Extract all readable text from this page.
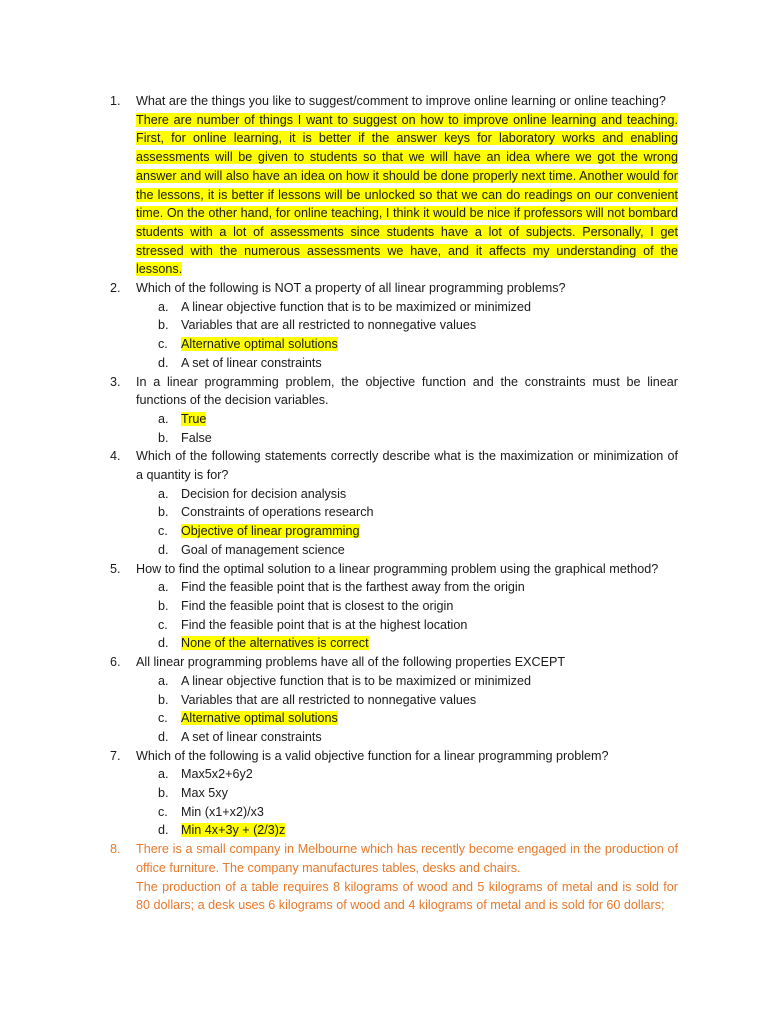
1. What are the things you like to suggest/comment to improve online learning or online teaching?
There are number of things I want to suggest on how to improve online learning and teaching. First, for online learning, it is better if the answer keys for laboratory works and enabling assessments will be given to students so that we will have an idea where we got the wrong answer and will also have an idea on how it should be done properly next time. Another would for the lessons, it is better if lessons will be unlocked so that we can do readings on our convenient time. On the other hand, for online teaching, I think it would be nice if professors will not bombard students with a lot of assessments since students have a lot of subjects. Personally, I get stressed with the numerous assessments we have, and it affects my understanding of the lessons.
2. Which of the following is NOT a property of all linear programming problems?
a. A linear objective function that is to be maximized or minimized
b. Variables that are all restricted to nonnegative values
c. Alternative optimal solutions
d. A set of linear constraints
3. In a linear programming problem, the objective function and the constraints must be linear functions of the decision variables.
a. True
b. False
4. Which of the following statements correctly describe what is the maximization or minimization of a quantity is for?
a. Decision for decision analysis
b. Constraints of operations research
c. Objective of linear programming
d. Goal of management science
5. How to find the optimal solution to a linear programming problem using the graphical method?
a. Find the feasible point that is the farthest away from the origin
b. Find the feasible point that is closest to the origin
c. Find the feasible point that is at the highest location
d. None of the alternatives is correct
6. All linear programming problems have all of the following properties EXCEPT
a. A linear objective function that is to be maximized or minimized
b. Variables that are all restricted to nonnegative values
c. Alternative optimal solutions
d. A set of linear constraints
7. Which of the following is a valid objective function for a linear programming problem?
a. Max5x2+6y2
b. Max 5xy
c. Min (x1+x2)/x3
d. Min 4x+3y + (2/3)z
8. There is a small company in Melbourne which has recently become engaged in the production of office furniture. The company manufactures tables, desks and chairs.
The production of a table requires 8 kilograms of wood and 5 kilograms of metal and is sold for 80 dollars; a desk uses 6 kilograms of wood and 4 kilograms of metal and is sold for 60 dollars;
